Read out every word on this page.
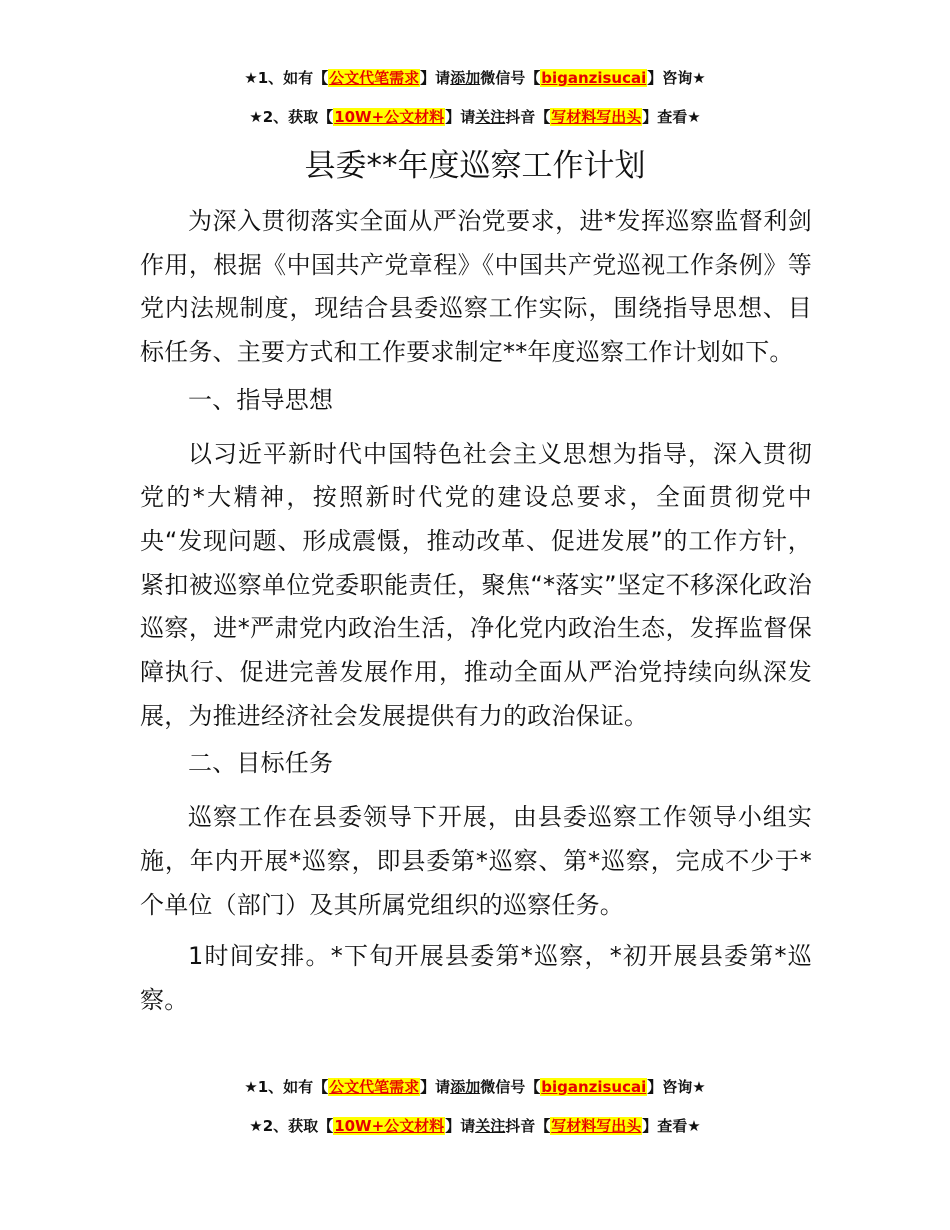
★1、如有【公文代笔需求】请添加微信号【biganzisucai】咨询★
★2、获取【10W+公文材料】请关注抖音【写材料写出头】查看★
县委**年度巡察工作计划

为深入贯彻落实全面从严治党要求，进*发挥巡察监督利剑作用，根据《中国共产党章程》《中国共产党巡视工作条例》等党内法规制度，现结合县委巡察工作实际，围绕指导思想、目标任务、主要方式和工作要求制定**年度巡察工作计划如下。

一、指导思想

以习近平新时代中国特色社会主义思想为指导，深入贯彻党的*大精神，按照新时代党的建设总要求，全面贯彻党中央“发现问题、形成震慑，推动改革、促进发展”的工作方针，紧扣被巡察单位党委职能责任，聚焦“*落实”坚定不移深化政治巡察，进*严肃党内政治生活，净化党内政治生态，发挥监督保障执行、促进完善发展作用，推动全面从严治党持续向纵深发展，为推进经济社会发展提供有力的政治保证。

二、目标任务

巡察工作在县委领导下开展，由县委巡察工作领导小组实施，年内开展*巡察，即县委第*巡察、第*巡察，完成不少于*个单位（部门）及其所属党组织的巡察任务。

1时间安排。*下旬开展县委第*巡察，*初开展县委第*巡察。

★1、如有【公文代笔需求】请添加微信号【biganzisucai】咨询★
★2、获取【10W+公文材料】请关注抖音【写材料写出头】查看★
